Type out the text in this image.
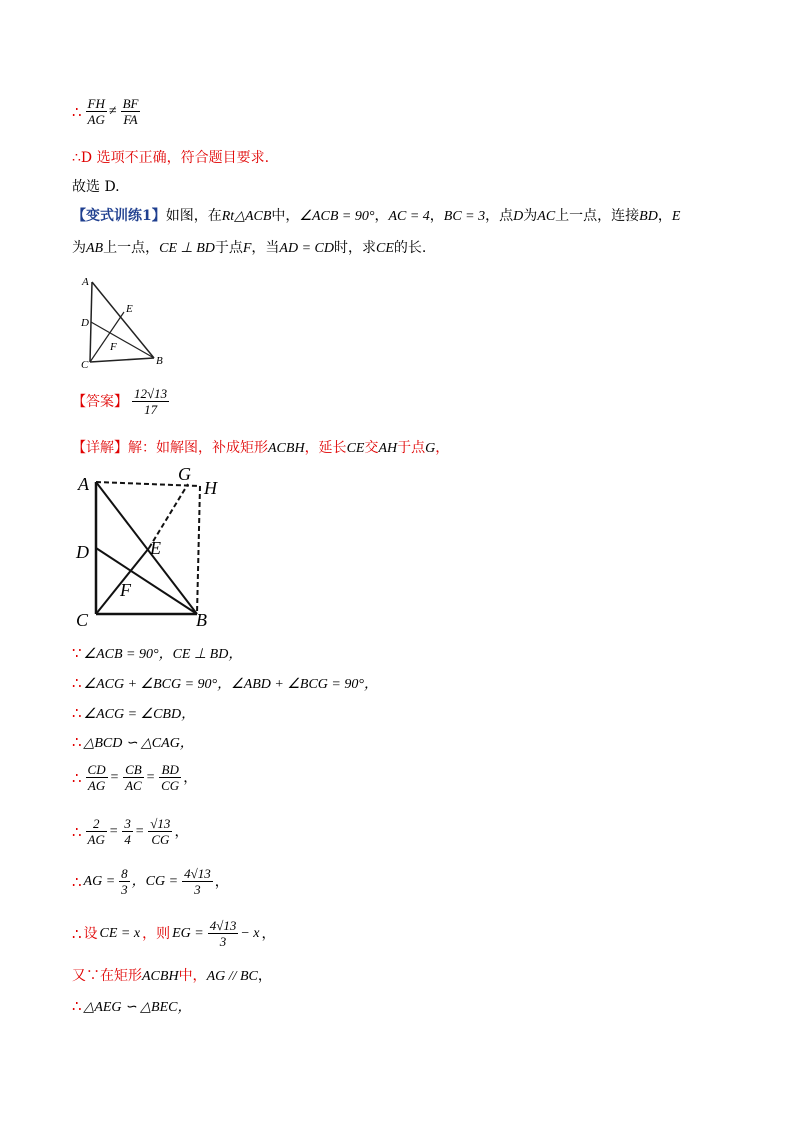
∴ $\frac{FH}{AG} \ne \frac{BF}{FA}$
∴D 选项不正确，符合题目要求.
故选 D.
【变式训练1】如图，在Rt△ACB中，∠ACB = 90°，AC = 4，BC = 3，点D为AC上一点，连接BD，E
为AB上一点，CE ⊥ BD于点F，当AD = CD时，求CE的长.
A
D
E
F
C	B
【答案】 $\frac{12√13}{17}$
【详解】解：如解图，补成矩形ACBH，延长CE交AH于点G，
A	G
H
D	E
F
C	B
∵ ∠ACB = 90°，CE ⊥ BD，
∴ ∠ACG + ∠BCG = 90°，∠ABD + ∠BCG = 90°，
∴ ∠ACG = ∠CBD，
∴ △BCD ∽ △CAG，
∴ $\frac{CD}{AG} = \frac{CB}{AC} = \frac{BD}{CG}$ ，
∴ $\frac{2}{AG} = \frac{3}{4} = \frac{√13}{CG}$ ，
∴ AG = $\frac{8}{3}$ ，CG = $\frac{4√13}{3}$ ，
∴ 设 CE = x ，则 EG = $\frac{4√13}{3} - x$ ，
又∵在矩形ACBH中，AG // BC，
∴ △AEG ∽ △BEC，
